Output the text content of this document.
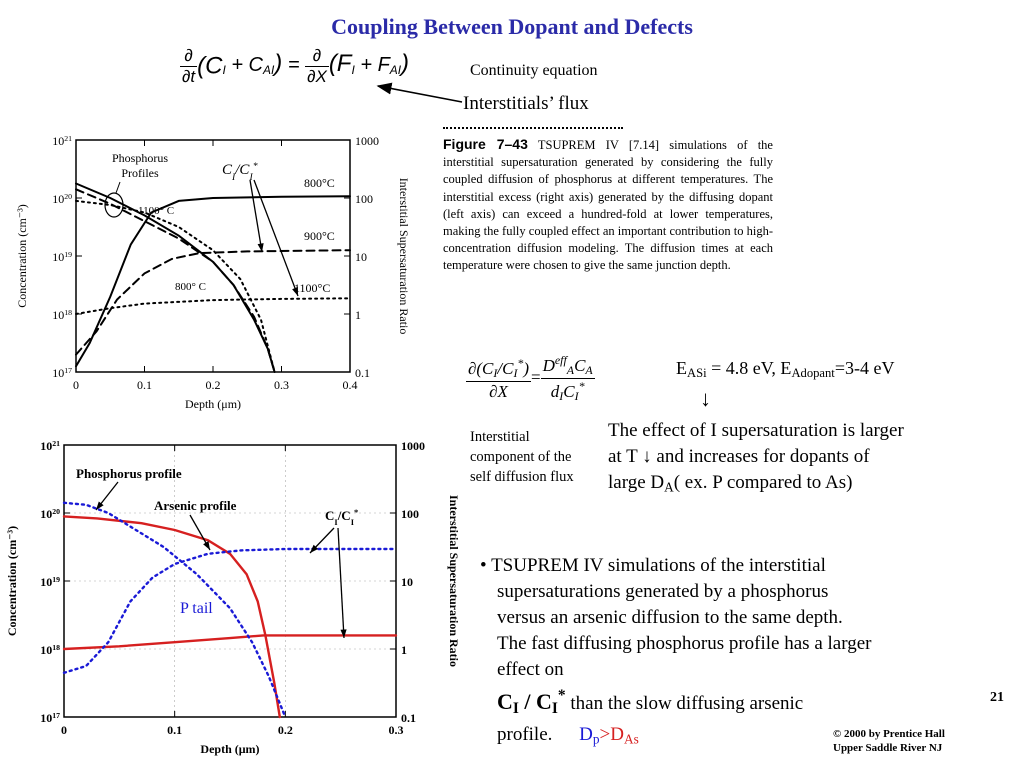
Coupling Between Dopant and Defects
$\frac{\partial}{\partial t} (C_I + C_{AI}) = \frac{\partial}{\partial X} (F_I + F_{AI})$	Continuity equation
Interstitials’ flux
0	0.1	0.2	0.3	0.4
$10^{21}$	1000
$10^{20}$	100
$10^{19}$	10
$10^{18}$	1
$10^{17}$	0.1
Depth (μm)
Concentration (cm⁻³)	Interstitial Supersaturation Ratio
Phosphorus
Profiles	$C_I/C_I^*$
800°C
900°C
1100°C
1100° C
800° C
Figure 7–43 TSUPREM IV [7.14] simulations of the interstitial supersaturation generated by considering the fully coupled diffusion of phosphorus at different temperatures. The interstitial excess (right axis) generated by the diffusing dopant (left axis) can exceed a hundred-fold at lower temperatures, making the fully coupled effect an important contribution to high-concentration diffusion modeling. The diffusion times at each temperature were chosen to give the same junction depth.
$\frac{\partial(C_I/C_I^*)}{\partial X} = \frac{D^{eff}_AC_A}{d_IC_I^*}$	$E_{ASi} = 4.8$ eV, $E_{Adopant}=3-4$ eV
↓
Interstitial component of the self diffusion flux
The effect of I supersaturation is larger
at T ↓ and increases for dopants of
large $D_A$( ex. P compared to As)
• TSUPREM IV simulations of the interstitial supersaturations generated by a phosphorus versus an arsenic diffusion to the same depth. The fast diffusing phosphorus profile has a larger effect on
$C_I / C_I^*$ than the slow diffusing arsenic
profile. $D_p>D_{As}$
21
© 2000 by Prentice Hall
Upper Saddle River NJ
0	0.1	0.2	0.3
$10^{21}$	1000
$10^{20}$	100
$10^{19}$	10
$10^{18}$	1
$10^{17}$	0.1
Depth (μm)
Concentration (cm⁻³)	Interstitial Supersaturation Ratio
Phosphorus profile
Arsenic profile
$C_I/C_I^*$
P tail
